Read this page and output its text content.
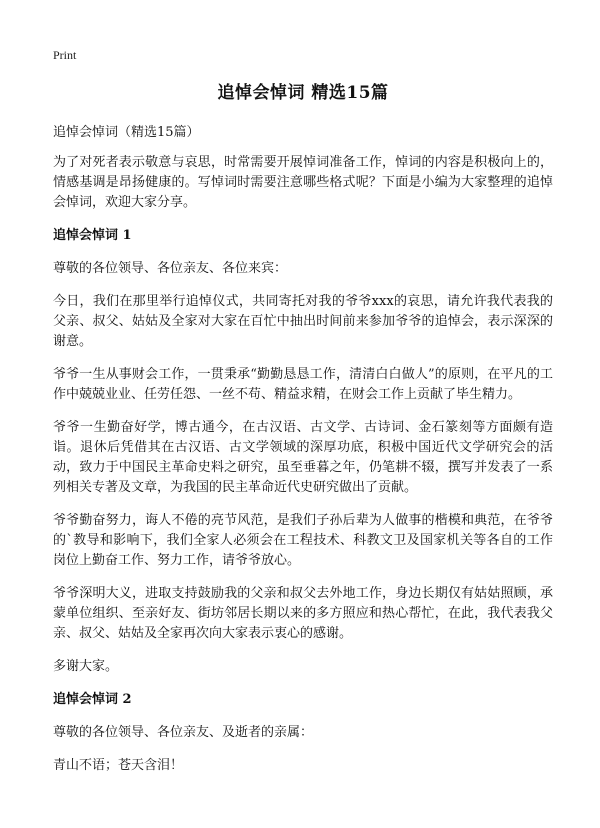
Print
追悼会悼词 精选15篇
追悼会悼词（精选15篇）

为了对死者表示敬意与哀思，时常需要开展悼词准备工作，悼词的内容是积极向上的，情感基调是昂扬健康的。写悼词时需要注意哪些格式呢？下面是小编为大家整理的追悼会悼词，欢迎大家分享。

追悼会悼词 1

尊敬的各位领导、各位亲友、各位来宾：

今日，我们在那里举行追悼仪式，共同寄托对我的爷爷xxx的哀思，请允许我代表我的父亲、叔父、姑姑及全家对大家在百忙中抽出时间前来参加爷爷的追悼会，表示深深的谢意。

爷爷一生从事财会工作，一贯秉承“勤勤恳恳工作，清清白白做人”的原则，在平凡的工作中兢兢业业、任劳任怨、一丝不苟、精益求精，在财会工作上贡献了毕生精力。

爷爷一生勤奋好学，博古通今，在古汉语、古文学、古诗词、金石篆刻等方面颇有造诣。退休后凭借其在古汉语、古文学领域的深厚功底，积极中国近代文学研究会的活动，致力于中国民主革命史料之研究，虽至垂暮之年，仍笔耕不辍，撰写并发表了一系列相关专著及文章，为我国的民主革命近代史研究做出了贡献。

爷爷勤奋努力，诲人不倦的亮节风范，是我们子孙后辈为人做事的楷模和典范，在爷爷的`教导和影响下，我们全家人必须会在工程技术、科教文卫及国家机关等各自的工作岗位上勤奋工作、努力工作，请爷爷放心。

爷爷深明大义，进取支持鼓励我的父亲和叔父去外地工作，身边长期仅有姑姑照顾，承蒙单位组织、至亲好友、街坊邻居长期以来的多方照应和热心帮忙，在此，我代表我父亲、叔父、姑姑及全家再次向大家表示衷心的感谢。

多谢大家。

追悼会悼词 2

尊敬的各位领导、各位亲友、及逝者的亲属：

青山不语；苍天含泪！
